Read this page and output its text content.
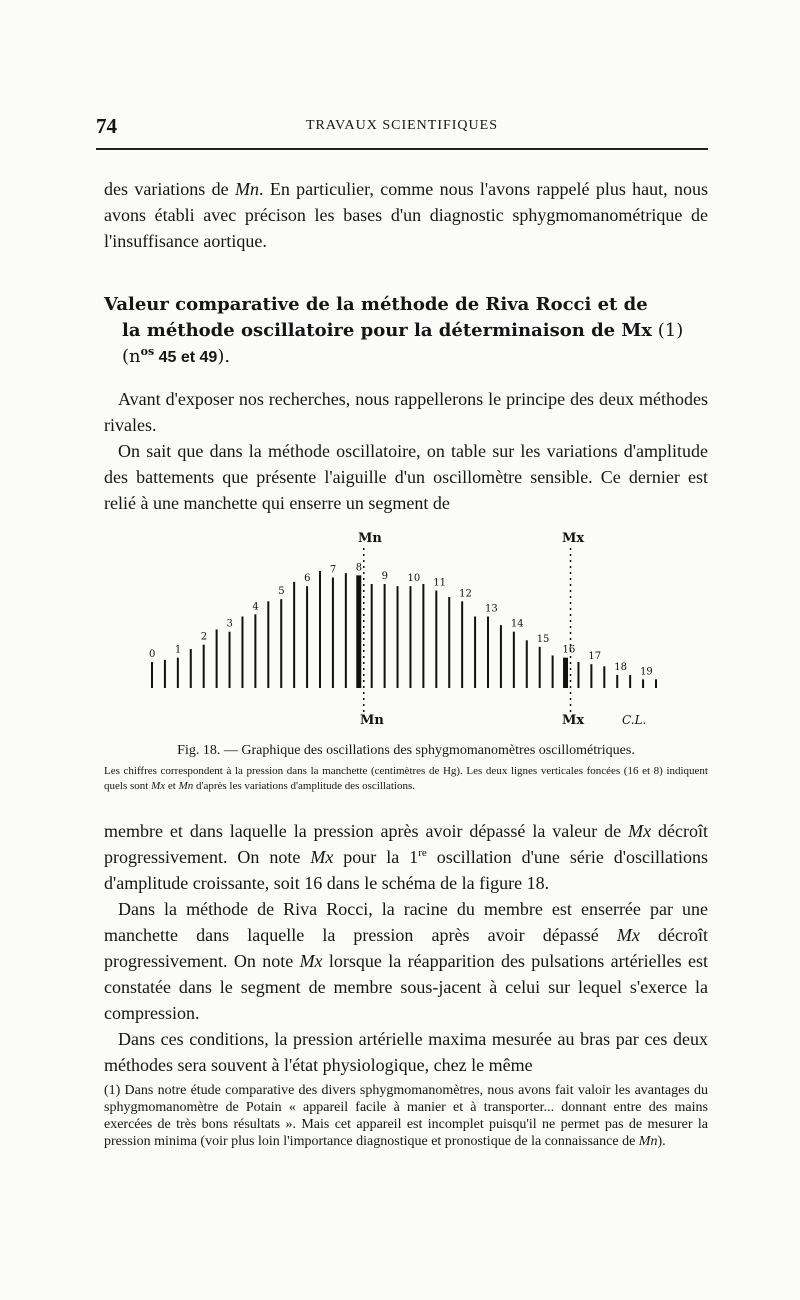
74	TRAVAUX SCIENTIFIQUES

des variations de Mn. En particulier, comme nous l'avons rappelé plus haut, nous avons établi avec précison les bases d'un diagnostic sphygmomanométrique de l'insuffisance aortique.

Valeur comparative de la méthode de Riva Rocci et de
la méthode oscillatoire pour la déterminaison de Mx (1)
($n^{os}$ 45 et 49).

Avant d'exposer nos recherches, nous rappellerons le principe des deux méthodes rivales.

On sait que dans la méthode oscillatoire, on table sur les variations d'amplitude des battements que présente l'aiguille d'un oscillomètre sensible. Ce dernier est relié à une manchette qui enserre un segment de

0 1
2
3
4
5
6
7 8
9 10 11
12
13
14
15
16
17
18 19
Mn	Mx
Mn	Mx	C.L.
Fig. 18. — Graphique des oscillations des sphygmomanomètres oscillométriques.
Les chiffres correspondent à la pression dans la manchette (centimètres de Hg). Les deux lignes verticales foncées (16 et 8) indiquent quels sont Mx et Mn d'après les variations d'amplitude des oscillations.

membre et dans laquelle la pression après avoir dépassé la valeur de Mx décroît progressivement. On note Mx pour la 1re oscillation d'une série d'oscillations d'amplitude croissante, soit 16 dans le schéma de la figure 18.

Dans la méthode de Riva Rocci, la racine du membre est enserrée par une manchette dans laquelle la pression après avoir dépassé Mx décroît progressivement. On note Mx lorsque la réapparition des pulsations artérielles est constatée dans le segment de membre sous-jacent à celui sur lequel s'exerce la compression.

Dans ces conditions, la pression artérielle maxima mesurée au bras par ces deux méthodes sera souvent à l'état physiologique, chez le même

(1) Dans notre étude comparative des divers sphygmomanomètres, nous avons fait valoir les avantages du sphygmomanomètre de Potain « appareil facile à manier et à transporter... donnant entre des mains exercées de très bons résultats ». Mais cet appareil est incomplet puisqu'il ne permet pas de mesurer la pression minima (voir plus loin l'importance diagnostique et pronostique de la connaissance de Mn).
